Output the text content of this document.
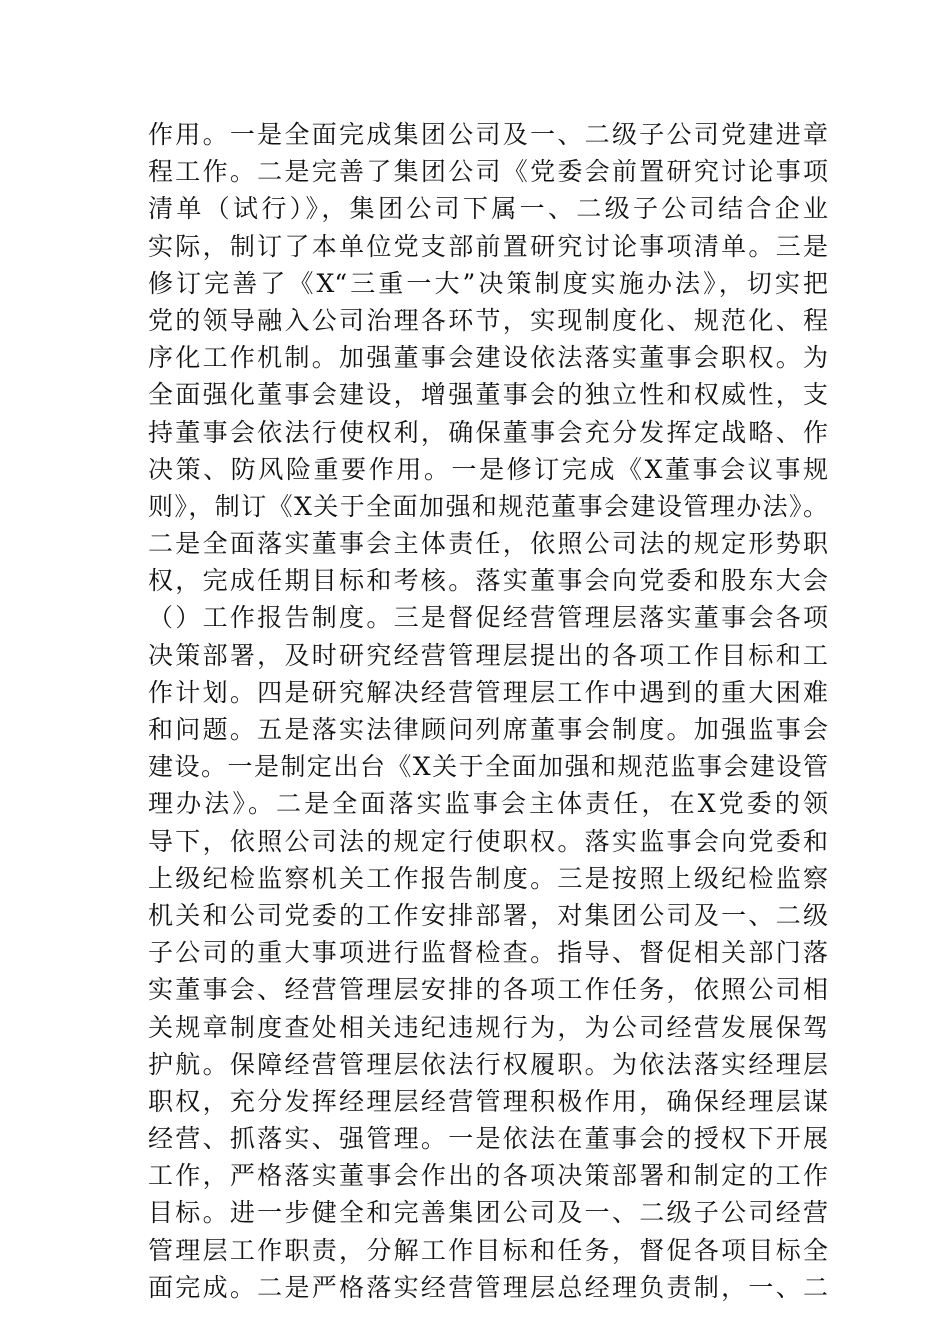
作用。一是全面完成集团公司及一、二级子公司党建进章
程工作。二是完善了集团公司《党委会前置研究讨论事项
清单（试行）》，集团公司下属一、二级子公司结合企业
实际，制订了本单位党支部前置研究讨论事项清单。三是
修订完善了《X“三重一大”决策制度实施办法》，切实把
党的领导融入公司治理各环节，实现制度化、规范化、程
序化工作机制。加强董事会建设依法落实董事会职权。为
全面强化董事会建设，增强董事会的独立性和权威性，支
持董事会依法行使权利，确保董事会充分发挥定战略、作
决策、防风险重要作用。一是修订完成《X董事会议事规
则》，制订《X关于全面加强和规范董事会建设管理办法》。
二是全面落实董事会主体责任，依照公司法的规定形势职
权，完成任期目标和考核。落实董事会向党委和股东大会
（）工作报告制度。三是督促经营管理层落实董事会各项
决策部署，及时研究经营管理层提出的各项工作目标和工
作计划。四是研究解决经营管理层工作中遇到的重大困难
和问题。五是落实法律顾问列席董事会制度。加强监事会
建设。一是制定出台《X关于全面加强和规范监事会建设管
理办法》。二是全面落实监事会主体责任，在X党委的领
导下，依照公司法的规定行使职权。落实监事会向党委和
上级纪检监察机关工作报告制度。三是按照上级纪检监察
机关和公司党委的工作安排部署，对集团公司及一、二级
子公司的重大事项进行监督检查。指导、督促相关部门落
实董事会、经营管理层安排的各项工作任务，依照公司相
关规章制度查处相关违纪违规行为，为公司经营发展保驾
护航。保障经营管理层依法行权履职。为依法落实经理层
职权，充分发挥经理层经营管理积极作用，确保经理层谋
经营、抓落实、强管理。一是依法在董事会的授权下开展
工作，严格落实董事会作出的各项决策部署和制定的工作
目标。进一步健全和完善集团公司及一、二级子公司经营
管理层工作职责，分解工作目标和任务，督促各项目标全
面完成。二是严格落实经营管理层总经理负责制，一、二
